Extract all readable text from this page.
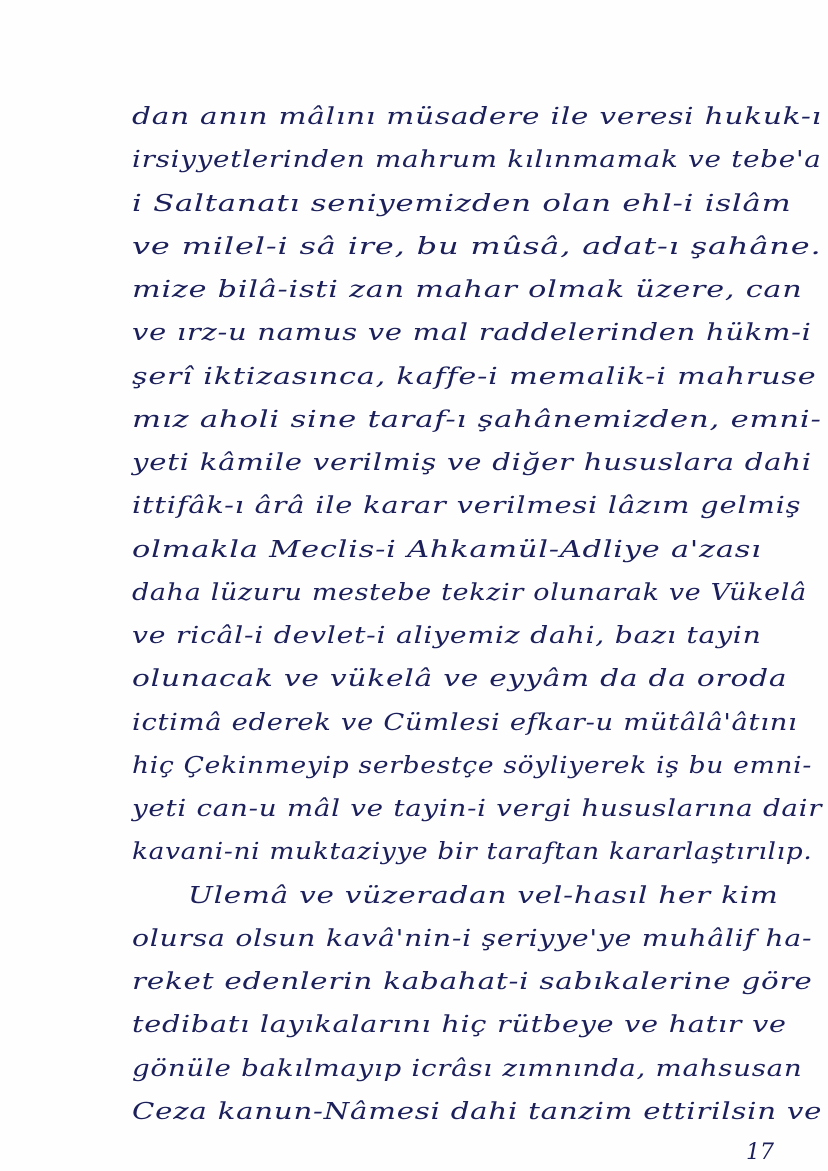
dan anın mâlını müsadere ile veresi hukuk-ı
irsiyyetlerinden mahrum kılınmamak ve tebe'a
i Saltanatı seniyemizden olan ehl-i islâm
ve milel-i sâ ire, bu mûsâ, adat-ı şahâne.
mize bilâ-isti zan mahar olmak üzere, can
ve ırz-u namus ve mal raddelerinden hükm-i
şerî iktizasınca, kaffe-i memalik-i mahruse
mız aholi sine taraf-ı şahânemizden, emni-
yeti kâmile verilmiş ve diğer hususlara dahi
ittifâk-ı ârâ ile karar verilmesi lâzım gelmiş
olmakla Meclis-i Ahkamül-Adliye a'zası
daha lüzuru mestebe tekzir olunarak ve Vükelâ
ve ricâl-i devlet-i aliyemiz dahi, bazı tayin
olunacak ve vükelâ ve eyyâm da da oroda
ictimâ ederek ve Cümlesi efkar-u mütâlâ'âtını
hiç Çekinmeyip serbestçe söyliyerek iş bu emni-
yeti can-u mâl ve tayin-i vergi hususlarına dair
kavani-ni muktaziyye bir taraftan kararlaştırılıp.
Ulemâ ve vüzeradan vel-hasıl her kim
olursa olsun kavâ'nin-i şeriyye'ye muhâlif ha-
reket edenlerin kabahat-i sabıkalerine göre
tedibatı layıkalarını hiç rütbeye ve hatır ve
gönüle bakılmayıp icrâsı zımnında, mahsusan
Ceza kanun-Nâmesi dahi tanzim ettirilsin ve
17
